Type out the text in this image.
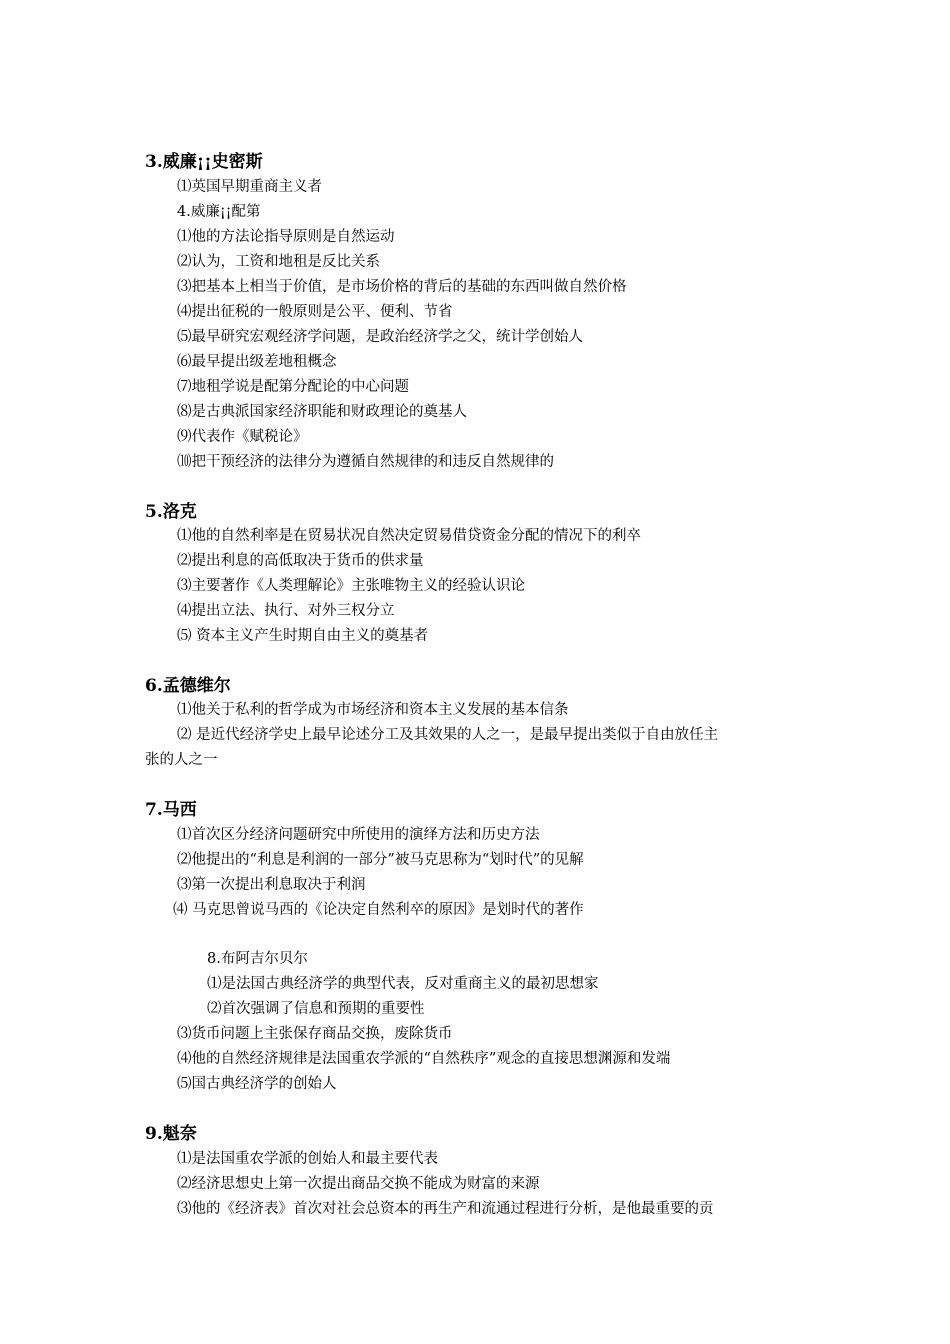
3.威廉¡¡史密斯
⑴英国早期重商主义者
4.威廉¡¡配第
⑴他的方法论指导原则是自然运动
⑵认为，工资和地租是反比关系
⑶把基本上相当于价值，是市场价格的背后的基础的东西叫做自然价格
⑷提出征税的一般原则是公平、便利、节省
⑸最早研究宏观经济学问题，是政治经济学之父，统计学创始人
⑹最早提出级差地租概念
⑺地租学说是配第分配论的中心问题
⑻是古典派国家经济职能和财政理论的奠基人
⑼代表作《赋税论》
⑽把干预经济的法律分为遵循自然规律的和违反自然规律的
5.洛克
⑴他的自然利率是在贸易状况自然决定贸易借贷资金分配的情况下的利卒
⑵提出利息的高低取决于货币的供求量
⑶主要著作《人类理解论》主张唯物主义的经验认识论
⑷提出立法、执行、对外三权分立
⑸ 资本主义产生时期自由主义的奠基者
6.孟德维尔
⑴他关于私利的哲学成为市场经济和资本主义发展的基本信条
⑵ 是近代经济学史上最早论述分工及其效果的人之一，是最早提出类似于自由放任主
张的人之一
7.马西
⑴首次区分经济问题研究中所使用的演绎方法和历史方法
⑵他提出的“利息是利润的一部分”被马克思称为“划时代”的见解
⑶第一次提出利息取决于利润
⑷ 马克思曾说马西的《论决定自然利卒的原因》是划时代的著作
8.布阿吉尔贝尔
⑴是法国古典经济学的典型代表，反对重商主义的最初思想家
⑵首次强调了信息和预期的重要性
⑶货币问题上主张保存商品交换，废除货币
⑷他的自然经济规律是法国重农学派的“自然秩序”观念的直接思想渊源和发端
⑸国古典经济学的创始人
9.魁奈
⑴是法国重农学派的创始人和最主要代表
⑵经济思想史上第一次提出商品交换不能成为财富的来源
⑶他的《经济表》首次对社会总资本的再生产和流通过程进行分析，是他最重要的贡
